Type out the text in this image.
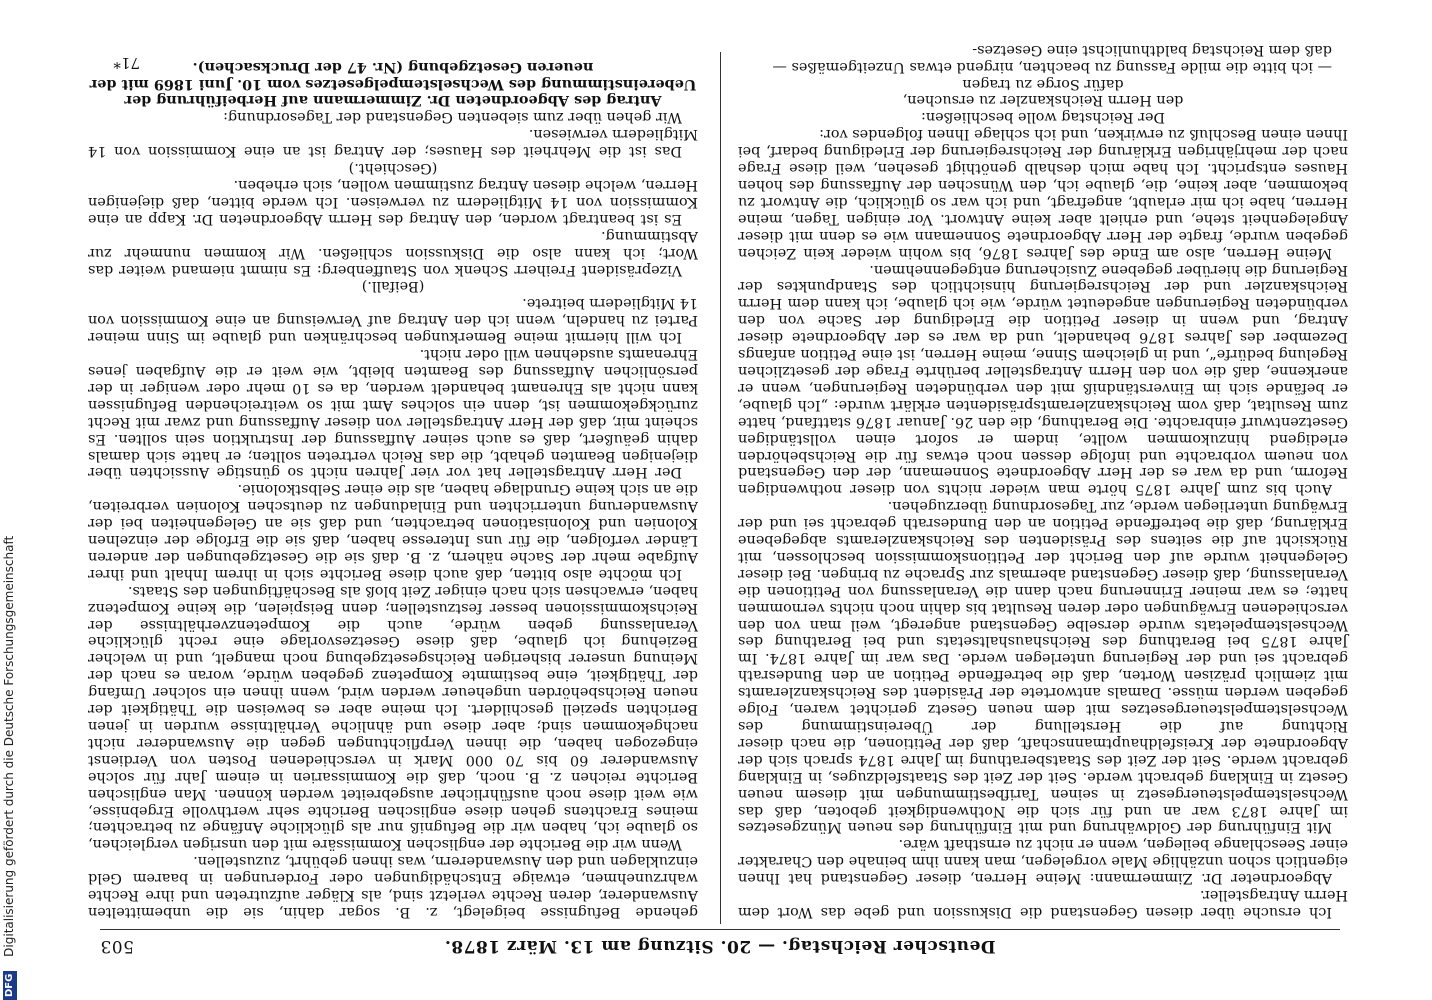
Deutscher Reichstag. — 20. Sitzung am 13. März 1878.
503

Ich ersuche über diesen Gegenstand die Diskussion und gebe das Wort dem Herrn Antragsteller.

Abgeordneter Dr. Zimmermann: Meine Herren, dieser Gegenstand hat Ihnen eigentlich schon unzählige Male vorgelegen, man kann ihm beinahe den Charakter einer Seeschlange beilegen, wenn er nicht zu ernsthaft wäre.

Mit Einführung der Goldwährung und mit Einführung des neuen Münzgesetzes im Jahre 1873 war an und für sich die Nothwendigkeit geboten, daß das Wechselstempelsteuergesetz in seinen Tarifbestimmungen mit diesem neuen Gesetz in Einklang gebracht werde. Seit der Zeit des Staatsfeldzuges, in Einklang gebracht werde. Seit der Zeit des Staatsberathung im Jahre 1874 sprach sich der Abgeordnete der Kreisfeldhauptmannschaft, daß der Petitionen, die nach dieser Richtung auf die Herstellung der Übereinstimmung des Wechselstempelsteuergesetzes mit dem neuen Gesetz gerichtet waren, Folge gegeben werden müsse. Damals antwortete der Präsident des Reichskanzleramts mit ziemlich präzisen Worten, daß die betreffende Petition an den Bundesrath gebracht sei und der Regierung unterlegen werde. Das war im Jahre 1874. Im Jahre 1875 bei Berathung des Reichshaushaltsetats und bei Berathung des Wechselstempeletats wurde derselbe Gegenstand angeregt, weil man von den verschiedenen Erwägungen oder deren Resultat bis dahin noch nichts vernommen hatte; es war meiner Erinnerung nach dann die Veranlassung von Petitionen die Veranlassung, daß dieser Gegenstand abermals zur Sprache zu bringen. Bei dieser Gelegenheit wurde auf den Bericht der Petitionskommission beschlossen, mit Rücksicht auf die seitens des Präsidenten des Reichskanzleramts abgegebene Erklärung, daß die betreffende Petition an den Bundesrath gebracht sei und der Erwägung unterliegen werde, zur Tagesordnung überzugehen.

Auch bis zum Jahre 1875 hörte man wieder nichts von dieser nothwendigen Reform, und da war es der Herr Abgeordnete Sonnemann, der den Gegenstand von neuem vorbrachte und infolge dessen noch etwas für die Reichsbehörden erledigend hinzukommen wollte, indem er sofort einen vollständigen Gesetzentwurf einbrachte. Die Berathung, die den 26. Januar 1876 stattfand, hatte zum Resultat, daß vom Reichskanzleramtspräsidenten erklärt wurde: „Ich glaube, er befände sich im Einverständniß mit den verbündeten Regierungen, wenn er anerkenne, daß die von den Herrn Antragsteller berührte Frage der gesetzlichen Regelung bedürfe“, und in gleichem Sinne, meine Herren, ist eine Petition anfangs Dezember des Jahres 1876 behandelt, und da war es der Abgeordnete dieser Antrag, und wenn in dieser Petition die Erledigung der Sache von den verbündeten Regierungen angedeutet würde, wie ich glaube, ich kann dem Herrn Reichskanzler und der Reichsregierung hinsichtlich des Standpunktes der Regierung die hierüber gegebene Zusicherung entgegennehmen.

Meine Herren, also am Ende des Jahres 1876, bis wohin wieder kein Zeichen gegeben wurde, fragte der Herr Abgeordnete Sonnemann wie es denn mit dieser Angelegenheit stehe, und erhielt aber keine Antwort. Vor einigen Tagen, meine Herren, habe ich mir erlaubt, angefragt, und ich war so glücklich, die Antwort zu bekommen, aber keine, die, glaube ich, den Wünschen der Auffassung des hohen Hauses entspricht. Ich habe mich deshalb genöthigt gesehen, weil diese Frage nach der mehrjährigen Erklärung der Reichsregierung der Erledigung bedarf, bei Ihnen einen Beschluß zu erwirken, und ich schlage Ihnen folgendes vor:

Der Reichstag wolle beschließen:

den Herrn Reichskanzler zu ersuchen,

dafür Sorge zu tragen

— ich bitte die milde Fassung zu beachten, nirgend etwas Unzeitgemäßes —

daß dem Reichstag baldthunlichst eine Gesetzes-

gehende Befugnisse beigelegt, z. B. sogar dahin, sie die unbemittelten Auswanderer, deren Rechte verletzt sind, als Kläger aufzutreten und ihre Rechte wahrzunehmen, etwaige Entschädigungen oder Forderungen in baarem Geld einzuklagen und den Auswanderern, was ihnen gebührt, zuzustellen.

Wenn wir die Berichte der englischen Kommissäre mit den unsrigen vergleichen, so glaube ich, haben wir die Befugniß nur als glückliche Anfänge zu betrachten; meines Erachtens gehen diese englischen Berichte sehr werthvolle Ergebnisse, wie weit diese noch ausführlicher ausgebreitet werden können. Man englischen Berichte reichen z. B. noch, daß die Kommissarien in einem Jahr für solche Auswanderer 60 bis 70 000 Mark in verschiedenen Posten von Verdienst eingezogen haben, die ihnen Verpflichtungen gegen die Auswanderer nicht nachgekommen sind; aber diese und ähnliche Verhältnisse wurden in jenen Berichten speziell geschildert. Ich meine aber es beweisen die Thätigkeit der neuen Reichsbehörden ungeheuer werden wird, wenn ihnen ein solcher Umfang der Thätigkeit, eine bestimmte Kompetenz gegeben würde, woran es nach der Meinung unserer bisherigen Reichsgesetzgebung noch mangelt, und in welcher Beziehung ich glaube, daß diese Gesetzesvorlage eine recht glückliche Veranlassung geben würde, auch die Kompetenzverhältnisse der Reichskommissionen besser festzustellen; denn Beispielen, die keine Kompetenz haben, erwachsen sich nach einiger Zeit bloß als Beschäftigungen des Staats.

Ich möchte also bitten, daß auch diese Berichte sich in ihrem Inhalt und ihrer Aufgabe mehr der Sache nähern, z. B. daß sie die Gesetzgebungen der anderen Länder verfolgen, die für uns Interesse haben, daß sie die Erfolge der einzelnen Kolonien und Kolonisationen betrachten, und daß sie an Gelegenheiten bei der Auswanderung unterrichten und Einladungen zu deutschen Kolonien verbreiten, die an sich keine Grundlage haben, als die einer Selbstkolonie.

Der Herr Antragsteller hat vor vier Jahren nicht so günstige Aussichten über diejenigen Beamten gehabt, die das Reich vertreten sollten; er hatte sich damals dahin geäußert, daß es auch seiner Auffassung der Instruktion sein sollten. Es scheint mir, daß der Herr Antragsteller von dieser Auffassung und zwar mit Recht zurückgekommen ist, denn ein solches Amt mit so weitreichenden Befugnissen kann nicht als Ehrenamt behandelt werden, da es 10 mehr oder weniger in der persönlichen Auffassung des Beamten bleibt, wie weit er die Aufgaben jenes Ehrenamts ausdehnen will oder nicht.

Ich will hiermit meine Bemerkungen beschränken und glaube im Sinn meiner Partei zu handeln, wenn ich den Antrag auf Verweisung an eine Kommission von 14 Mitgliedern beitrete.

(Beifall.)

Vizepräsident Freiherr Schenk von Stauffenberg: Es nimmt niemand weiter das Wort; ich kann also die Diskussion schließen. Wir kommen nunmehr zur Abstimmung.

Es ist beantragt worden, den Antrag des Herrn Abgeordneten Dr. Kapp an eine Kommission von 14 Mitgliedern zu verweisen. Ich werde bitten, daß diejenigen Herren, welche diesen Antrag zustimmen wollen, sich erheben.

(Geschieht.)

Das ist die Mehrheit des Hauses; der Antrag ist an eine Kommission von 14 Mitgliedern verwiesen.

Wir gehen über zum siebenten Gegenstand der Tagesordnung:

Antrag des Abgeordneten Dr. Zimmermann auf Herbeiführung der Uebereinstimmung des Wechselstempelgesetzes vom 10. Juni 1869 mit der neueren Gesetzgebung (Nr. 47 der Drucksachen).

71*
DFG Digitalisierung gefördert durch die Deutsche Forschungsgemeinschaft
